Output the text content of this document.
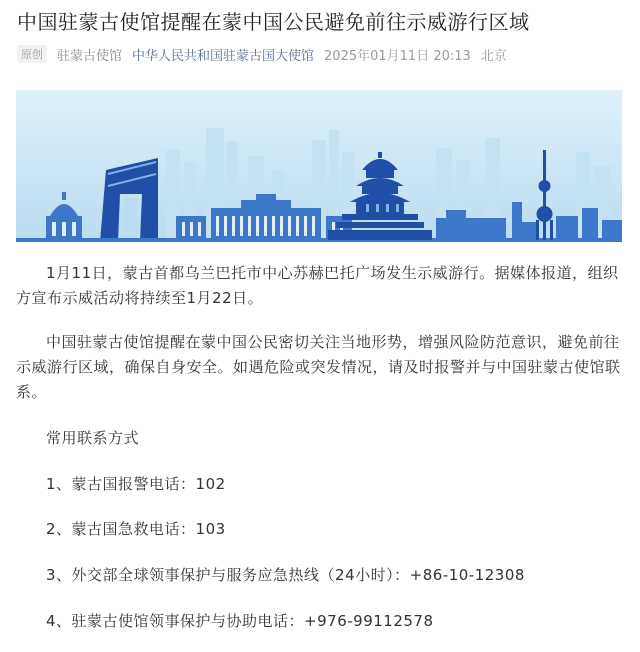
中国驻蒙古使馆提醒在蒙中国公民避免前往示威游行区域
原创	驻蒙古使馆 中华人民共和国驻蒙古国大使馆 2025年01月11日 20:13 北京

1月11日，蒙古首都乌兰巴托市中心苏赫巴托广场发生示威游行。据媒体报道，组织方宣布示威活动将持续至1月22日。

中国驻蒙古使馆提醒在蒙中国公民密切关注当地形势，增强风险防范意识，避免前往示威游行区域，确保自身安全。如遇危险或突发情况，请及时报警并与中国驻蒙古使馆联系。

常用联系方式

1、蒙古国报警电话：102

2、蒙古国急救电话：103

3、外交部全球领事保护与服务应急热线（24小时）：+86-10-12308

4、驻蒙古使馆领事保护与协助电话：+976-99112578
